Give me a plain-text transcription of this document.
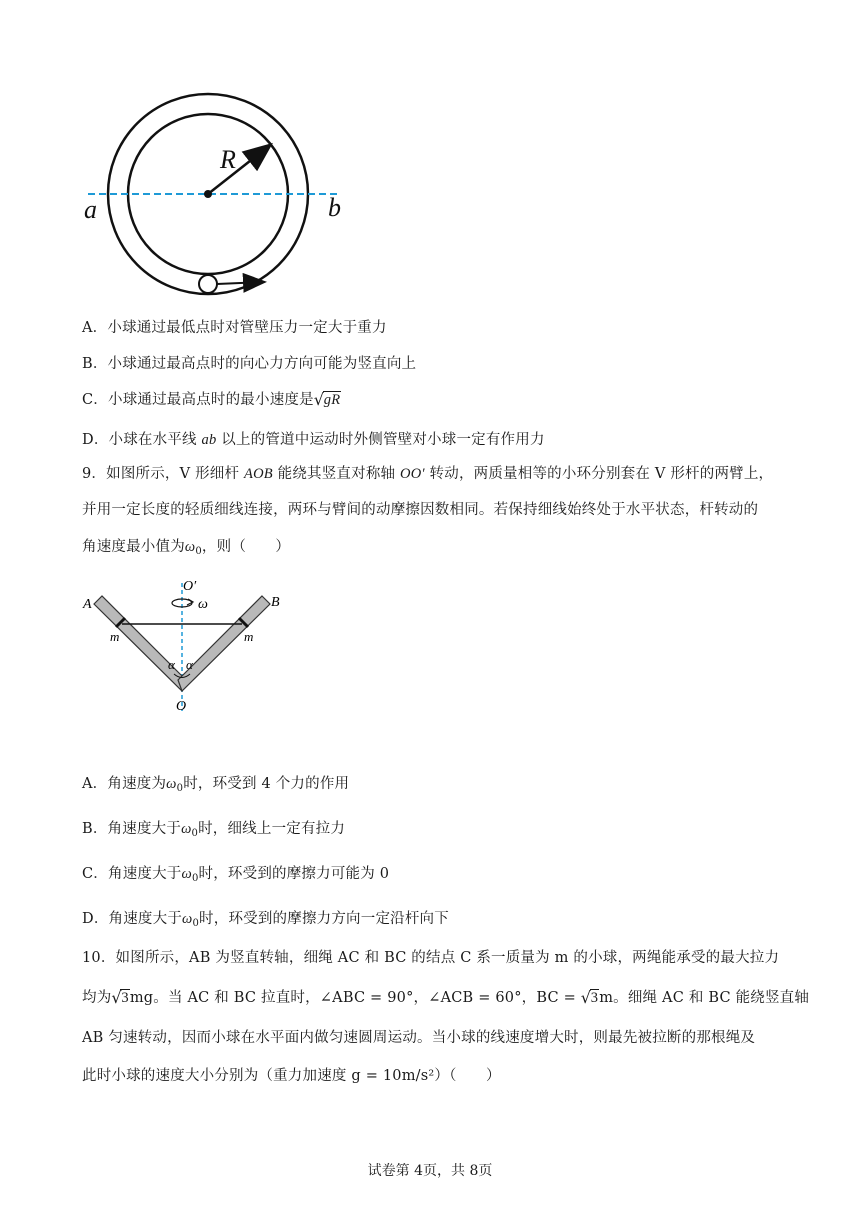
R
a	b
A．小球通过最低点时对管壁压力一定大于重力
B．小球通过最高点时的向心力方向可能为竖直向上
C．小球通过最高点时的最小速度是 √ gR
D．小球在水平线 ab 以上的管道中运动时外侧管壁对小球一定有作用力
9．如图所示，V 形细杆 AOB 能绕其竖直对称轴 OO′ 转动，两质量相等的小环分别套在 V 形杆的两臂上，
并用一定长度的轻质细线连接，两环与臂间的动摩擦因数相同。若保持细线始终处于水平状态，杆转动的
角速度最小值为$\omega_0$，则（　　）
A	B
O′
ω
m	m
α α
O
A．角速度为$\omega_0$时，环受到 4 个力的作用
B．角速度大于$\omega_0$时，细线上一定有拉力
C．角速度大于$\omega_0$时，环受到的摩擦力可能为 0
D．角速度大于$\omega_0$时，环受到的摩擦力方向一定沿杆向下
10．如图所示，AB 为竖直转轴，细绳 AC 和 BC 的结点 C 系一质量为 m 的小球，两绳能承受的最大拉力
均为 √ 3mg。当 AC 和 BC 拉直时，∠ABC = 90°，∠ACB = 60°，BC = √ 3m。细绳 AC 和 BC 能绕竖直轴
AB 匀速转动，因而小球在水平面内做匀速圆周运动。当小球的线速度增大时，则最先被拉断的那根绳及
此时小球的速度大小分别为（重力加速度 g = 10m/s²）（　　）
试卷第 4页，共 8页
